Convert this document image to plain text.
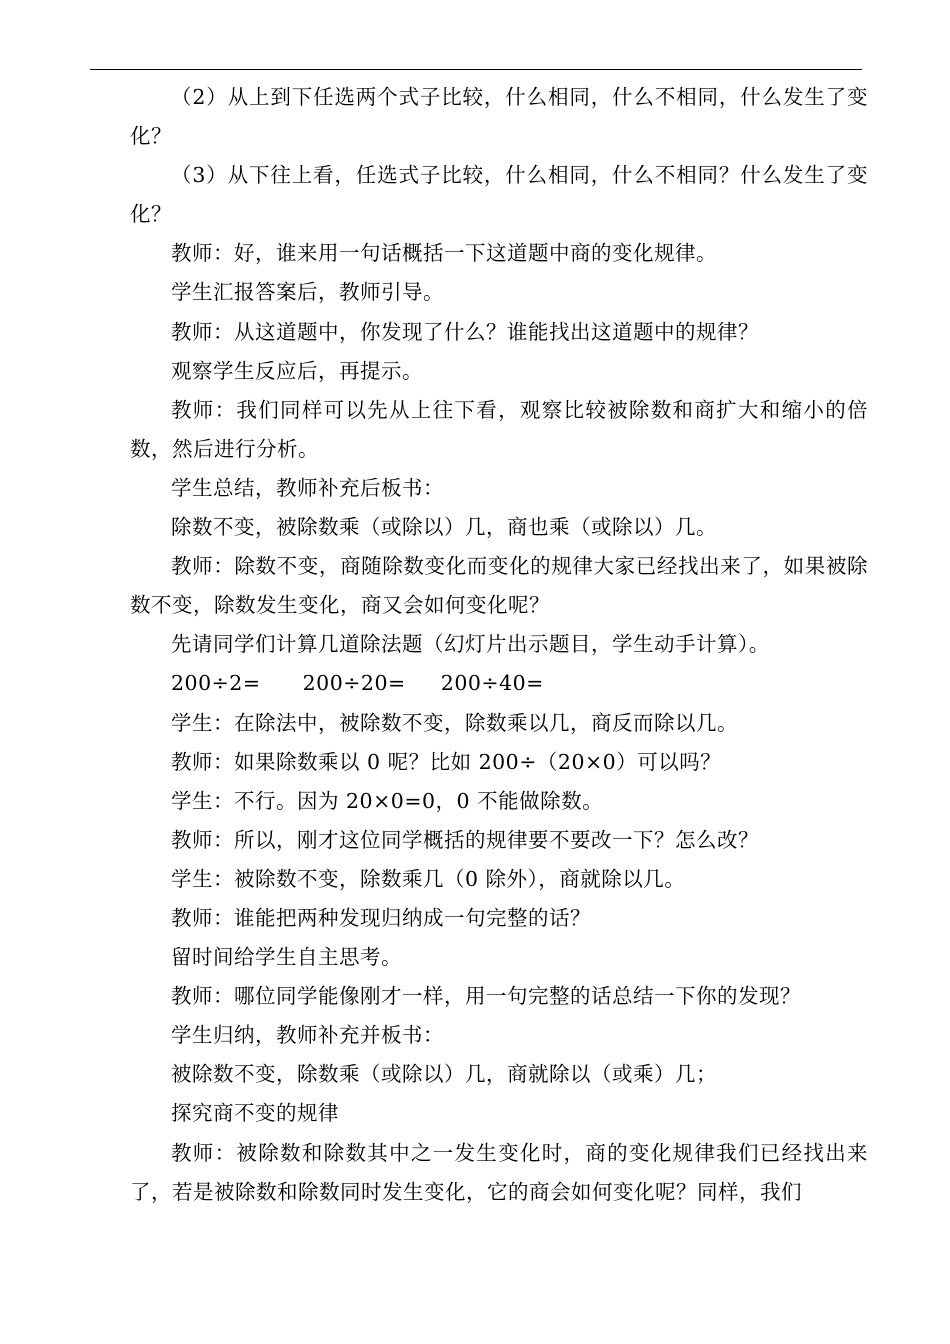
（2）从上到下任选两个式子比较，什么相同，什么不相同，什么发生了变化？

（3）从下往上看，任选式子比较，什么相同，什么不相同？什么发生了变化？

教师：好，谁来用一句话概括一下这道题中商的变化规律。

学生汇报答案后，教师引导。

教师：从这道题中，你发现了什么？谁能找出这道题中的规律？

观察学生反应后，再提示。

教师：我们同样可以先从上往下看，观察比较被除数和商扩大和缩小的倍数，然后进行分析。

学生总结，教师补充后板书：

除数不变，被除数乘（或除以）几，商也乘（或除以）几。

教师：除数不变，商随除数变化而变化的规律大家已经找出来了，如果被除数不变，除数发生变化，商又会如何变化呢？

先请同学们计算几道除法题（幻灯片出示题目，学生动手计算）。

200÷2=      200÷20=     200÷40=

学生：在除法中，被除数不变，除数乘以几，商反而除以几。

教师：如果除数乘以 0 呢？比如 200÷（20×0）可以吗？

学生：不行。因为 20×0=0，0 不能做除数。

教师：所以，刚才这位同学概括的规律要不要改一下？怎么改？

学生：被除数不变，除数乘几（0 除外），商就除以几。

教师：谁能把两种发现归纳成一句完整的话？

留时间给学生自主思考。

教师：哪位同学能像刚才一样，用一句完整的话总结一下你的发现？

学生归纳，教师补充并板书：

被除数不变，除数乘（或除以）几，商就除以（或乘）几；

探究商不变的规律

教师：被除数和除数其中之一发生变化时，商的变化规律我们已经找出来了，若是被除数和除数同时发生变化，它的商会如何变化呢？同样，我们
